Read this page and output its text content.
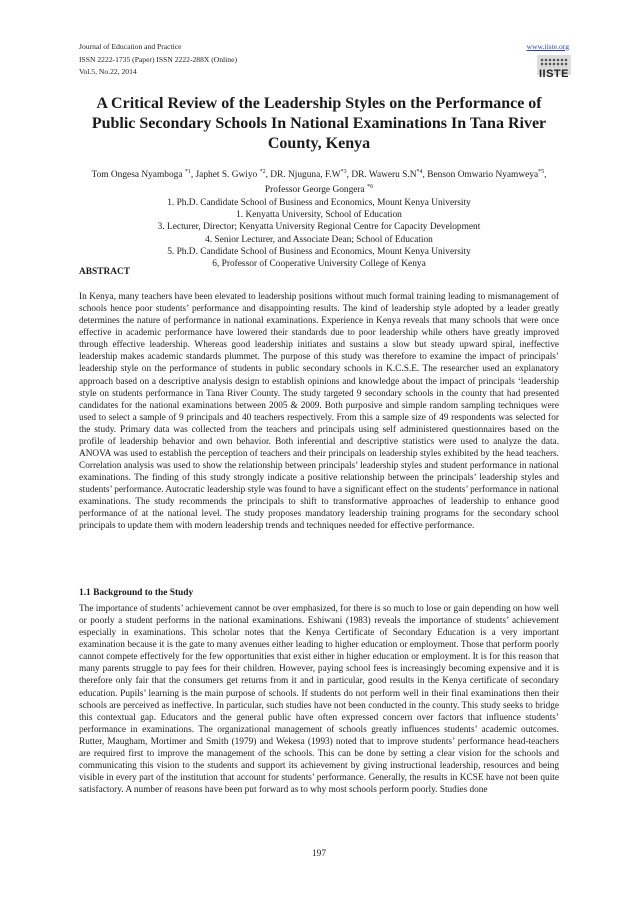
Journal of Education and Practice
ISSN 2222-1735 (Paper) ISSN 2222-288X (Online)
Vol.5, No.22, 2014
www.iiste.org
IISTE
A Critical Review of the Leadership Styles on the Performance of Public Secondary Schools In National Examinations In Tana River County, Kenya
Tom Ongesa Nyamboga $^{*1}$, Japhet S. Gwiyo $^{*2}$, DR. Njuguna, $F.W^{*3}$, DR. Waweru $S.N^{*4}$, Benson Omwario Nyamweya$^{*5}$, Professor George Gongera $^{*6}$
1. Ph.D. Candidate School of Business and Economics, Mount Kenya University
1. Kenyatta University, School of Education
3. Lecturer, Director; Kenyatta University Regional Centre for Capacity Development
4. Senior Lecturer, and Associate Dean; School of Education
5. Ph.D. Candidate School of Business and Economics, Mount Kenya University
6, Professor of Cooperative University College of Kenya
ABSTRACT
In Kenya, many teachers have been elevated to leadership positions without much formal training leading to mismanagement of schools hence poor students’ performance and disappointing results. The kind of leadership style adopted by a leader greatly determines the nature of performance in national examinations. Experience in Kenya reveals that many schools that were once effective in academic performance have lowered their standards due to poor leadership while others have greatly improved through effective leadership. Whereas good leadership initiates and sustains a slow but steady upward spiral, ineffective leadership makes academic standards plummet. The purpose of this study was therefore to examine the impact of principals’ leadership style on the performance of students in public secondary schools in K.C.S.E. The researcher used an explanatory approach based on a descriptive analysis design to establish opinions and knowledge about the impact of principals ‘leadership style on students performance in Tana River County. The study targeted 9 secondary schools in the county that had presented candidates for the national examinations between 2005 & 2009. Both purposive and simple random sampling techniques were used to select a sample of 9 principals and 40 teachers respectively. From this a sample size of 49 respondents was selected for the study. Primary data was collected from the teachers and principals using self administered questionnaires based on the profile of leadership behavior and own behavior. Both inferential and descriptive statistics were used to analyze the data. ANOVA was used to establish the perception of teachers and their principals on leadership styles exhibited by the head teachers. Correlation analysis was used to show the relationship between principals’ leadership styles and student performance in national examinations. The finding of this study strongly indicate a positive relationship between the principals’ leadership styles and students’ performance. Autocratic leadership style was found to have a significant effect on the students’ performance in national examinations. The study recommends the principals to shift to transformative approaches of leadership to enhance good performance of at the national level. The study proposes mandatory leadership training programs for the secondary school principals to update them with modern leadership trends and techniques needed for effective performance.
1.1 Background to the Study
The importance of students’ achievement cannot be over emphasized, for there is so much to lose or gain depending on how well or poorly a student performs in the national examinations. Eshiwani (1983) reveals the importance of students’ achievement especially in examinations. This scholar notes that the Kenya Certificate of Secondary Education is a very important examination because it is the gate to many avenues either leading to higher education or employment. Those that perform poorly cannot compete effectively for the few opportunities that exist either in higher education or employment. It is for this reason that many parents struggle to pay fees for their children. However, paying school fees is increasingly becoming expensive and it is therefore only fair that the consumers get returns from it and in particular, good results in the Kenya certificate of secondary education. Pupils’ learning is the main purpose of schools. If students do not perform well in their final examinations then their schools are perceived as ineffective. In particular, such studies have not been conducted in the county. This study seeks to bridge this contextual gap. Educators and the general public have often expressed concern over factors that influence students’ performance in examinations. The organizational management of schools greatly influences students’ academic outcomes. Rutter, Maugham, Mortimer and Smith (1979) and Wekesa (1993) noted that to improve students’ performance head-teachers are required first to improve the management of the schools. This can be done by setting a clear vision for the schools and communicating this vision to the students and support its achievement by giving instructional leadership, resources and being visible in every part of the institution that account for students’ performance. Generally, the results in KCSE have not been quite satisfactory. A number of reasons have been put forward as to why most schools perform poorly. Studies done
197
